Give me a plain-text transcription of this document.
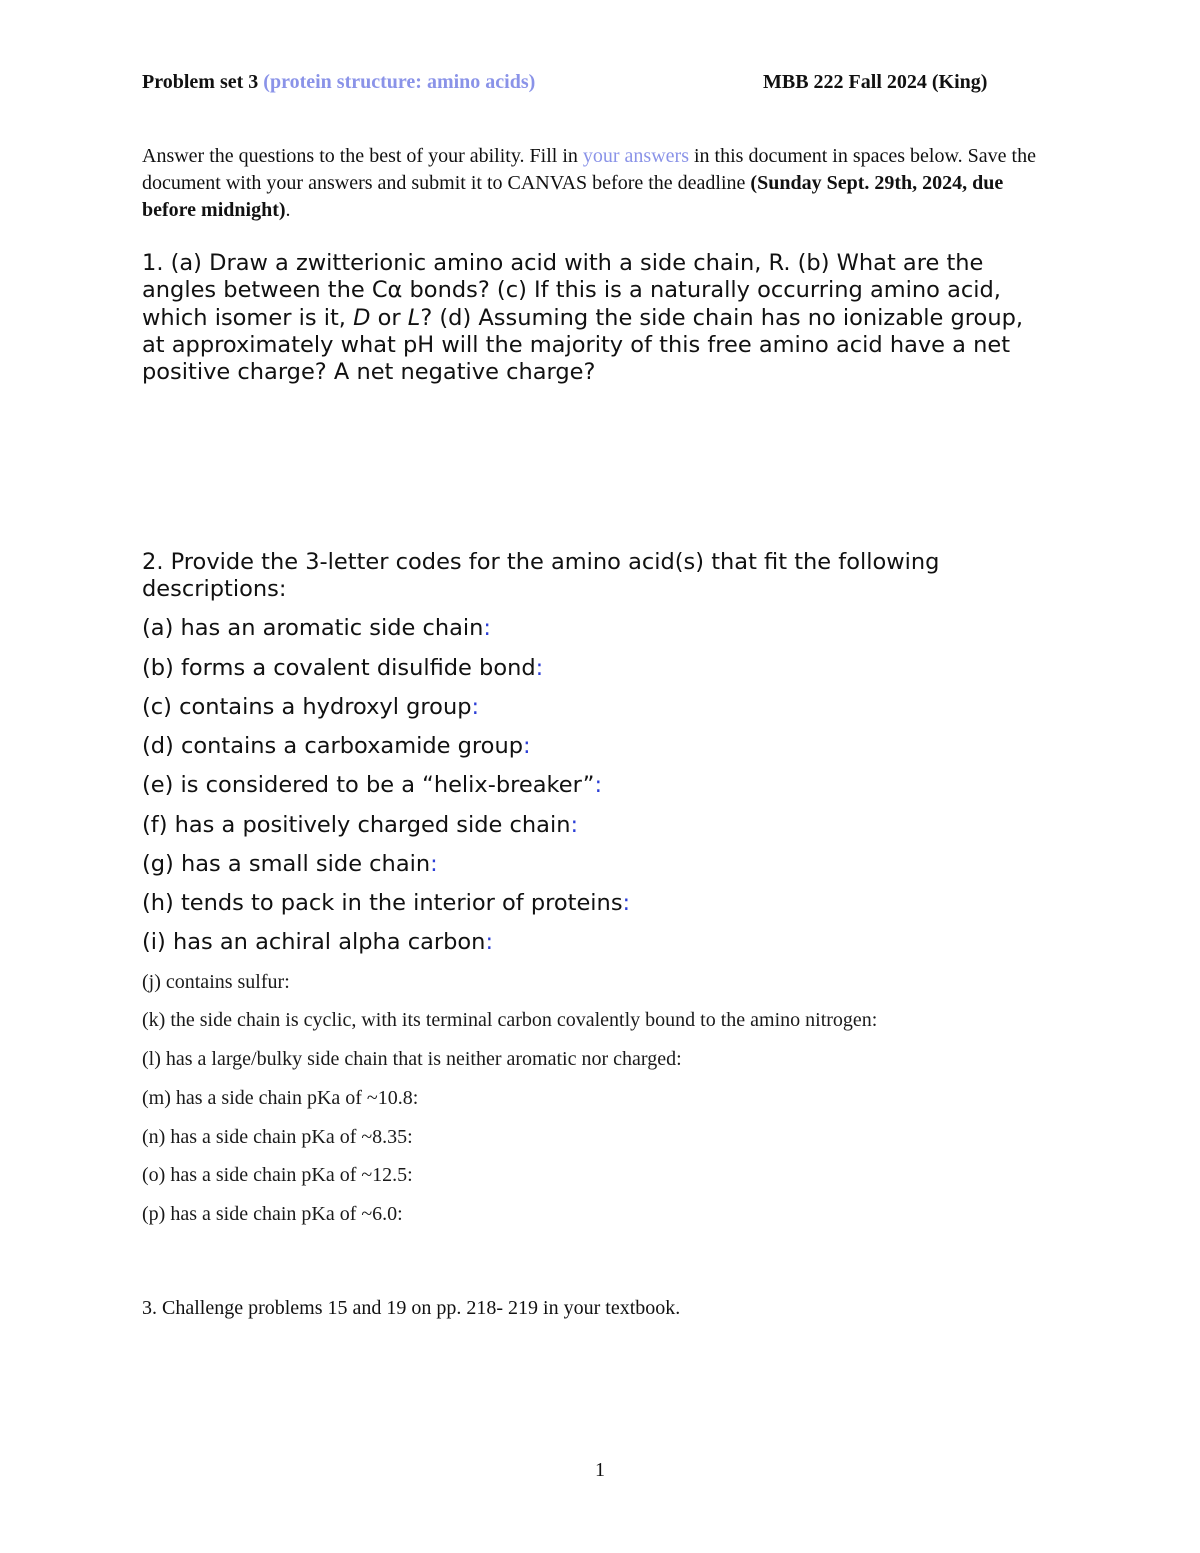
Problem set 3 (protein structure: amino acids)	MBB 222 Fall 2024 (King)
Answer the questions to the best of your ability. Fill in your answers in this document in spaces below. Save the document with your answers and submit it to CANVAS before the deadline (Sunday Sept. 29th, 2024, due before midnight).
1. (a) Draw a zwitterionic amino acid with a side chain, R. (b) What are the angles between the Cα bonds? (c) If this is a naturally occurring amino acid, which isomer is it, D or L? (d) Assuming the side chain has no ionizable group, at approximately what pH will the majority of this free amino acid have a net positive charge? A net negative charge?
2. Provide the 3-letter codes for the amino acid(s) that fit the following descriptions:
(a) has an aromatic side chain:
(b) forms a covalent disulfide bond:
(c) contains a hydroxyl group:
(d) contains a carboxamide group:
(e) is considered to be a “helix-breaker”:
(f) has a positively charged side chain:
(g) has a small side chain:
(h) tends to pack in the interior of proteins:
(i) has an achiral alpha carbon:
(j) contains sulfur:
(k) the side chain is cyclic, with its terminal carbon covalently bound to the amino nitrogen:
(l) has a large/bulky side chain that is neither aromatic nor charged:
(m) has a side chain pKa of ~10.8:
(n) has a side chain pKa of ~8.35:
(o) has a side chain pKa of ~12.5:
(p) has a side chain pKa of ~6.0:
3. Challenge problems 15 and 19 on pp. 218- 219 in your textbook.
1
